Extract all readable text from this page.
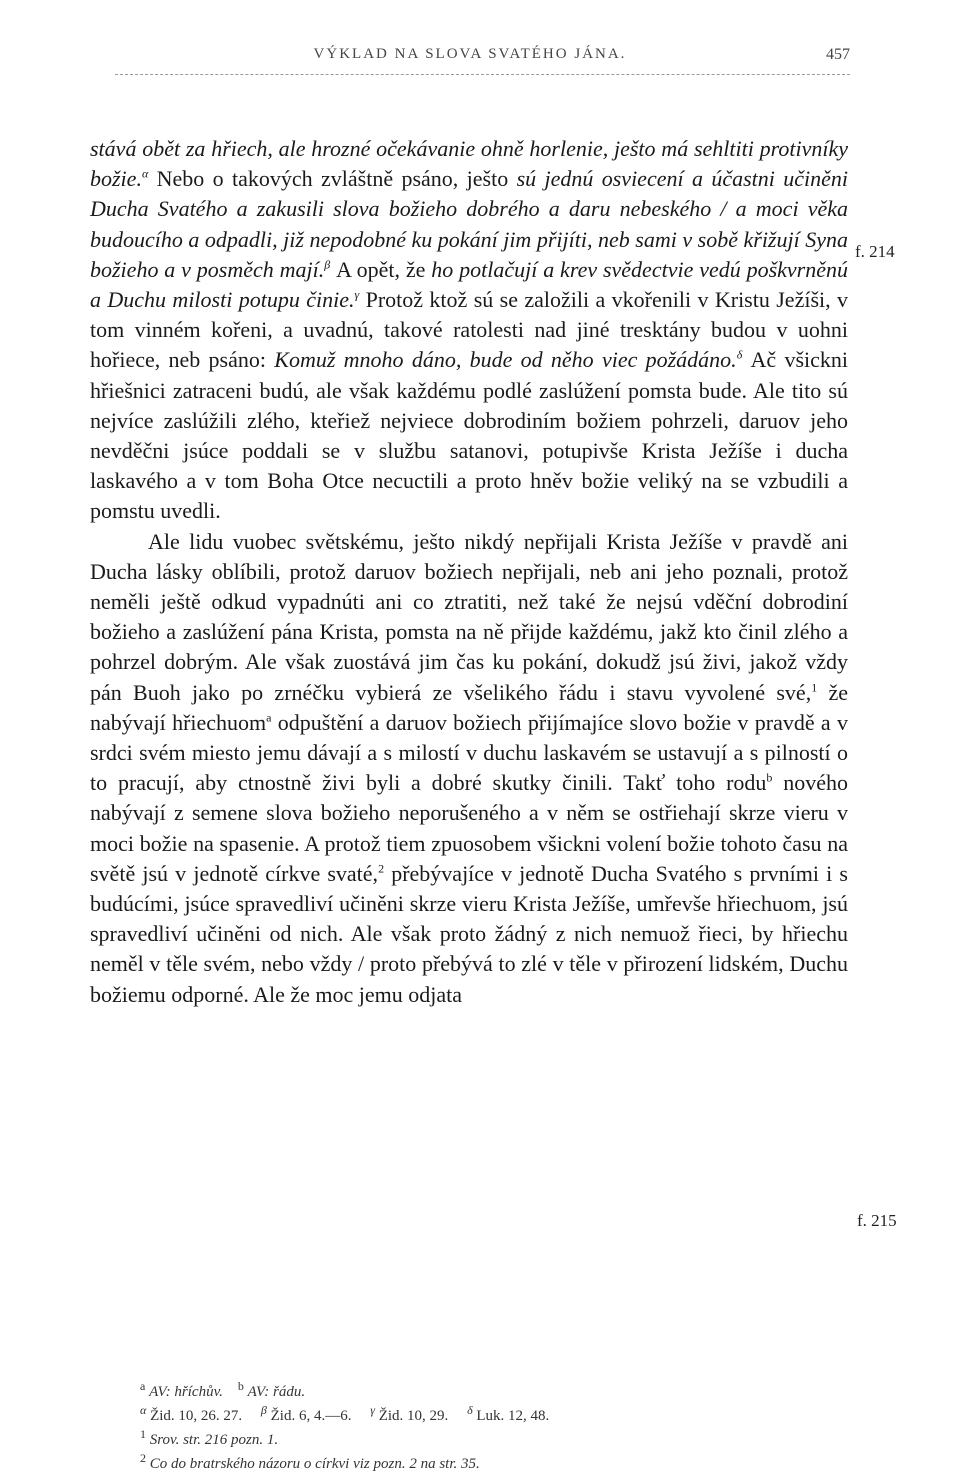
VÝKLAD NA SLOVA SVATÉHO JÁNA.	457
f. 214
f. 215

stává obět za hřiech, ale hrozné očekávanie ohně horlenie, ješto má sehltiti protivníky božie.$^\alpha$ Nebo o takových zvláštně psáno, ješto sú jednú osviecení a účastni učiněni Ducha Svatého a zakusili slova božieho dobrého a daru nebeského / a moci věka budoucího a odpadli, již nepodobné ku pokání jim přijíti, neb sami v sobě křižují Syna božieho a v posměch mají.$^\beta$ A opět, že ho potlačují a krev svědectvie vedú poškvrněnú a Duchu milosti potupu činie.$^\gamma$ Protož ktož sú se založili a vkořenili v Kristu Ježíši, v tom vinném kořeni, a uvadnú, takové ratolesti nad jiné tresktány budou v uohni hořiece, neb psáno: Komuž mnoho dáno, bude od něho viec požádáno.$^\delta$ Ač všickni hřiešnici zatraceni budú, ale však každému podlé zaslúžení pomsta bude. Ale tito sú nejvíce zaslúžili zlého, kteřiež nejviece dobrodiním božiem pohrzeli, daruov jeho nevděčni jsúce poddali se v službu satanovi, potupivše Krista Ježíše i ducha laskavého a v tom Boha Otce necuctili a proto hněv božie veliký na se vzbudili a pomstu uvedli.

Ale lidu vuobec světskému, ješto nikdý nepřijali Krista Ježíše v pravdě ani Ducha lásky oblíbili, protož daruov božiech nepřijali, neb ani jeho poznali, protož neměli ještě odkud vypadnúti ani co ztratiti, než také že nejsú vděční dobrodiní božieho a zaslúžení pána Krista, pomsta na ně přijde každému, jakž kto činil zlého a pohrzel dobrým. Ale však zuostává jim čas ku pokání, dokudž jsú živi, jakož vždy pán Buoh jako po zrnéčku vybierá ze všelikého řádu i stavu vyvolené své,$^1$ že nabývají hřiechuom$^a$ odpuštění a daruov božiech přijímajíce slovo božie v pravdě a v srdci svém miesto jemu dávají a s milostí v duchu laskavém se ustavují a s pilností o to pracují, aby ctnostně živi byli a dobré skutky činili. Takť toho rodu$^b$ nového nabývají z semene slova božieho neporušeného a v něm se ostřiehají skrze vieru v moci božie na spasenie. A protož tiem zpuosobem všickni volení božie tohoto času na světě jsú v jednotě církve svaté,$^2$ přebývajíce v jednotě Ducha Svatého s prvními i s budúcími, jsúce spravedliví učiněni skrze vieru Krista Ježíše, umřevše hřiechuom, jsú spravedliví učiněni od nich. Ale však proto žádný z nich nemuož řieci, by hřiechu neměl v těle svém, nebo vždy / proto přebývá to zlé v těle v přirození lidském, Duchu božiemu odporné. Ale že moc jemu odjata

$^a$ AV: hříchův. $^b$ AV: řádu.
$^\alpha$ Žid. 10, 26. 27. $^\beta$ Žid. 6, 4.—6. $^\gamma$ Žid. 10, 29. $^\delta$ Luk. 12, 48.
$^1$ Srov. str. 216 pozn. 1.
$^2$ Co do bratrského názoru o církvi viz pozn. 2 na str. 35.
